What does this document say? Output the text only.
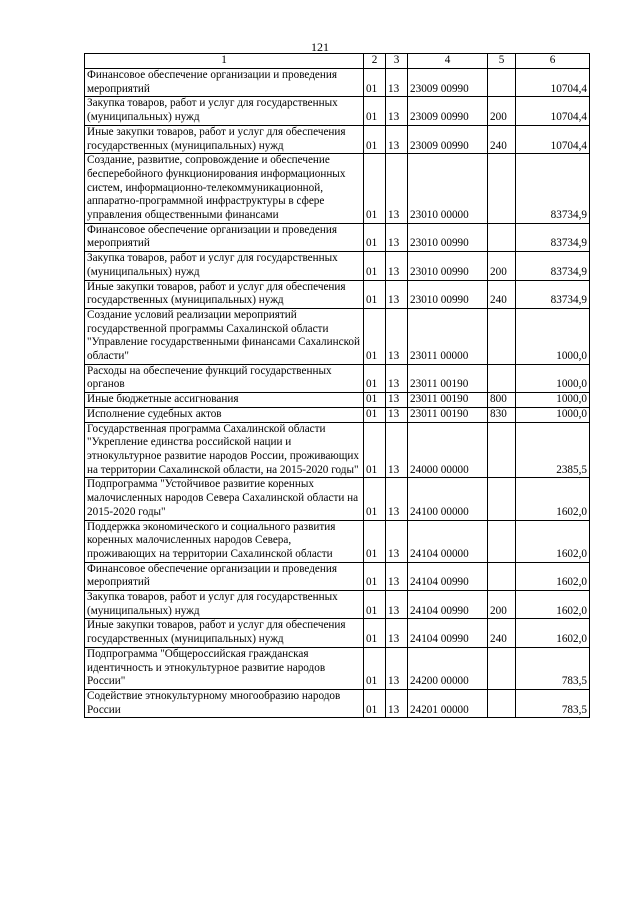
121
1	2	3	4	5	6
Финансовое обеспечение организации и проведения мероприятий	01	13	23009 00990		10704,4
Закупка товаров, работ и услуг для государственных (муниципальных) нужд	01	13	23009 00990	200	10704,4
Иные закупки товаров, работ и услуг для обеспечения государственных (муниципальных) нужд	01	13	23009 00990	240	10704,4
Создание, развитие, сопровождение и обеспечение бесперебойного функционирования информационных систем, информационно-телекоммуникационной, аппаратно-программной инфраструктуры в сфере управления общественными финансами	01	13	23010 00000		83734,9
Финансовое обеспечение организации и проведения мероприятий	01	13	23010 00990		83734,9
Закупка товаров, работ и услуг для государственных (муниципальных) нужд	01	13	23010 00990	200	83734,9
Иные закупки товаров, работ и услуг для обеспечения государственных (муниципальных) нужд	01	13	23010 00990	240	83734,9
Создание условий реализации мероприятий государственной программы Сахалинской области "Управление государственными финансами Сахалинской области"	01	13	23011 00000		1000,0
Расходы на обеспечение функций государственных органов	01	13	23011 00190		1000,0
Иные бюджетные ассигнования	01	13	23011 00190	800	1000,0
Исполнение судебных актов	01	13	23011 00190	830	1000,0
Государственная программа Сахалинской области "Укрепление единства российской нации и этнокультурное развитие народов России, проживающих на территории Сахалинской области, на 2015-2020 годы"	01	13	24000 00000		2385,5
Подпрограмма "Устойчивое развитие коренных малочисленных народов Севера Сахалинской области на 2015-2020 годы"	01	13	24100 00000		1602,0
Поддержка экономического и социального развития коренных малочисленных народов Севера, проживающих на территории Сахалинской области	01	13	24104 00000		1602,0
Финансовое обеспечение организации и проведения мероприятий	01	13	24104 00990		1602,0
Закупка товаров, работ и услуг для государственных (муниципальных) нужд	01	13	24104 00990	200	1602,0
Иные закупки товаров, работ и услуг для обеспечения государственных (муниципальных) нужд	01	13	24104 00990	240	1602,0
Подпрограмма "Общероссийская гражданская идентичность и этнокультурное развитие народов России"	01	13	24200 00000		783,5
Содействие этнокультурному многообразию народов России	01	13	24201 00000		783,5
